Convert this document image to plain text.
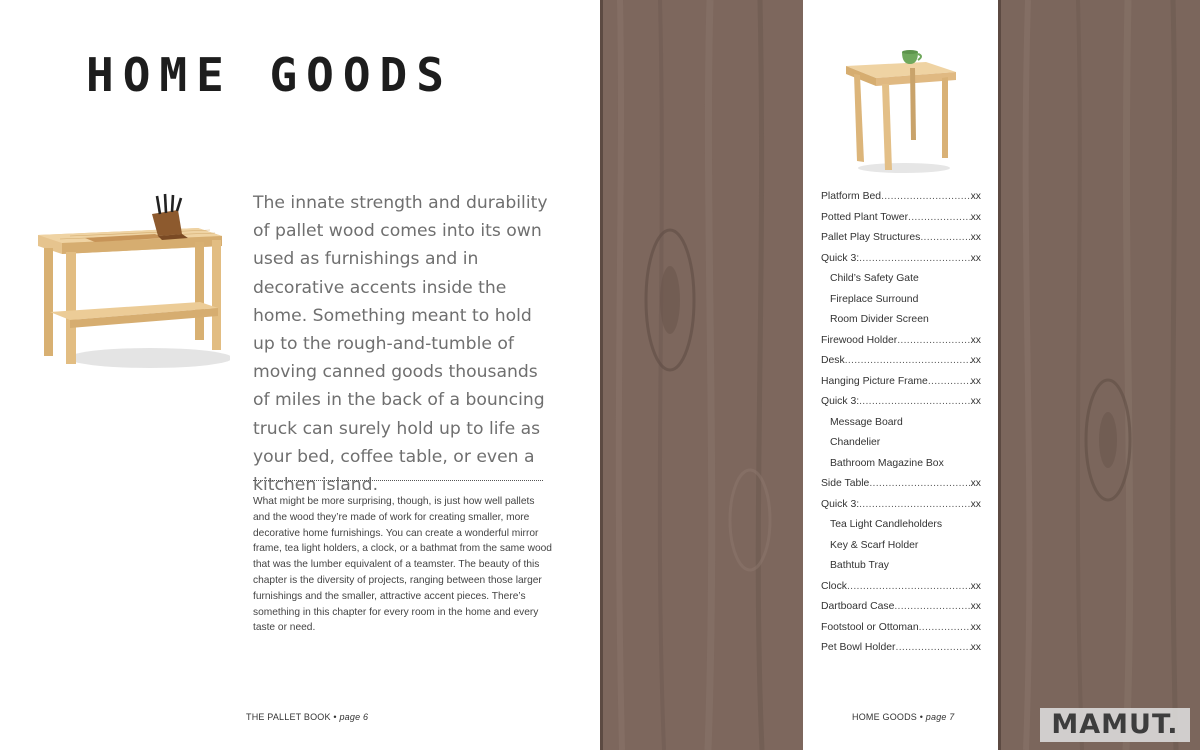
HOME GOODS

The innate strength and durability of pallet wood comes into its own used as furnishings and in decorative accents inside the home. Something meant to hold up to the rough-and-tumble of moving canned goods thousands of miles in the back of a bouncing truck can surely hold up to life as your bed, coffee table, or even a kitchen island.

What might be more surprising, though, is just how well pallets and the wood they’re made of work for creating smaller, more decorative home furnishings. You can create a wonderful mirror frame, tea light holders, a clock, or a bathmat from the same wood that was the lumber equivalent of a teamster. The beauty of this chapter is the diversity of projects, ranging between those larger furnishings and the smaller, attractive accent pieces. There’s something in this chapter for every room in the home and every taste or need.

THE PALLET BOOK • page 6
Platform Bed .....	xx
Potted Plant Tower .....	xx
Pallet Play Structures .....	xx
Quick 3: .....	xx
Child’s Safety Gate
Fireplace Surround
Room Divider Screen
Firewood Holder .....	xx
Desk .....	xx
Hanging Picture Frame .....	xx
Quick 3: .....	xx
Message Board
Chandelier
Bathroom Magazine Box
Side Table .....	xx
Quick 3: .....	xx
Tea Light Candleholders
Key & Scarf Holder
Bathtub Tray
Clock .....	xx
Dartboard Case .....	xx
Footstool or Ottoman .....	xx
Pet Bowl Holder .....	xx
HOME GOODS • page 7	MAMUT.
